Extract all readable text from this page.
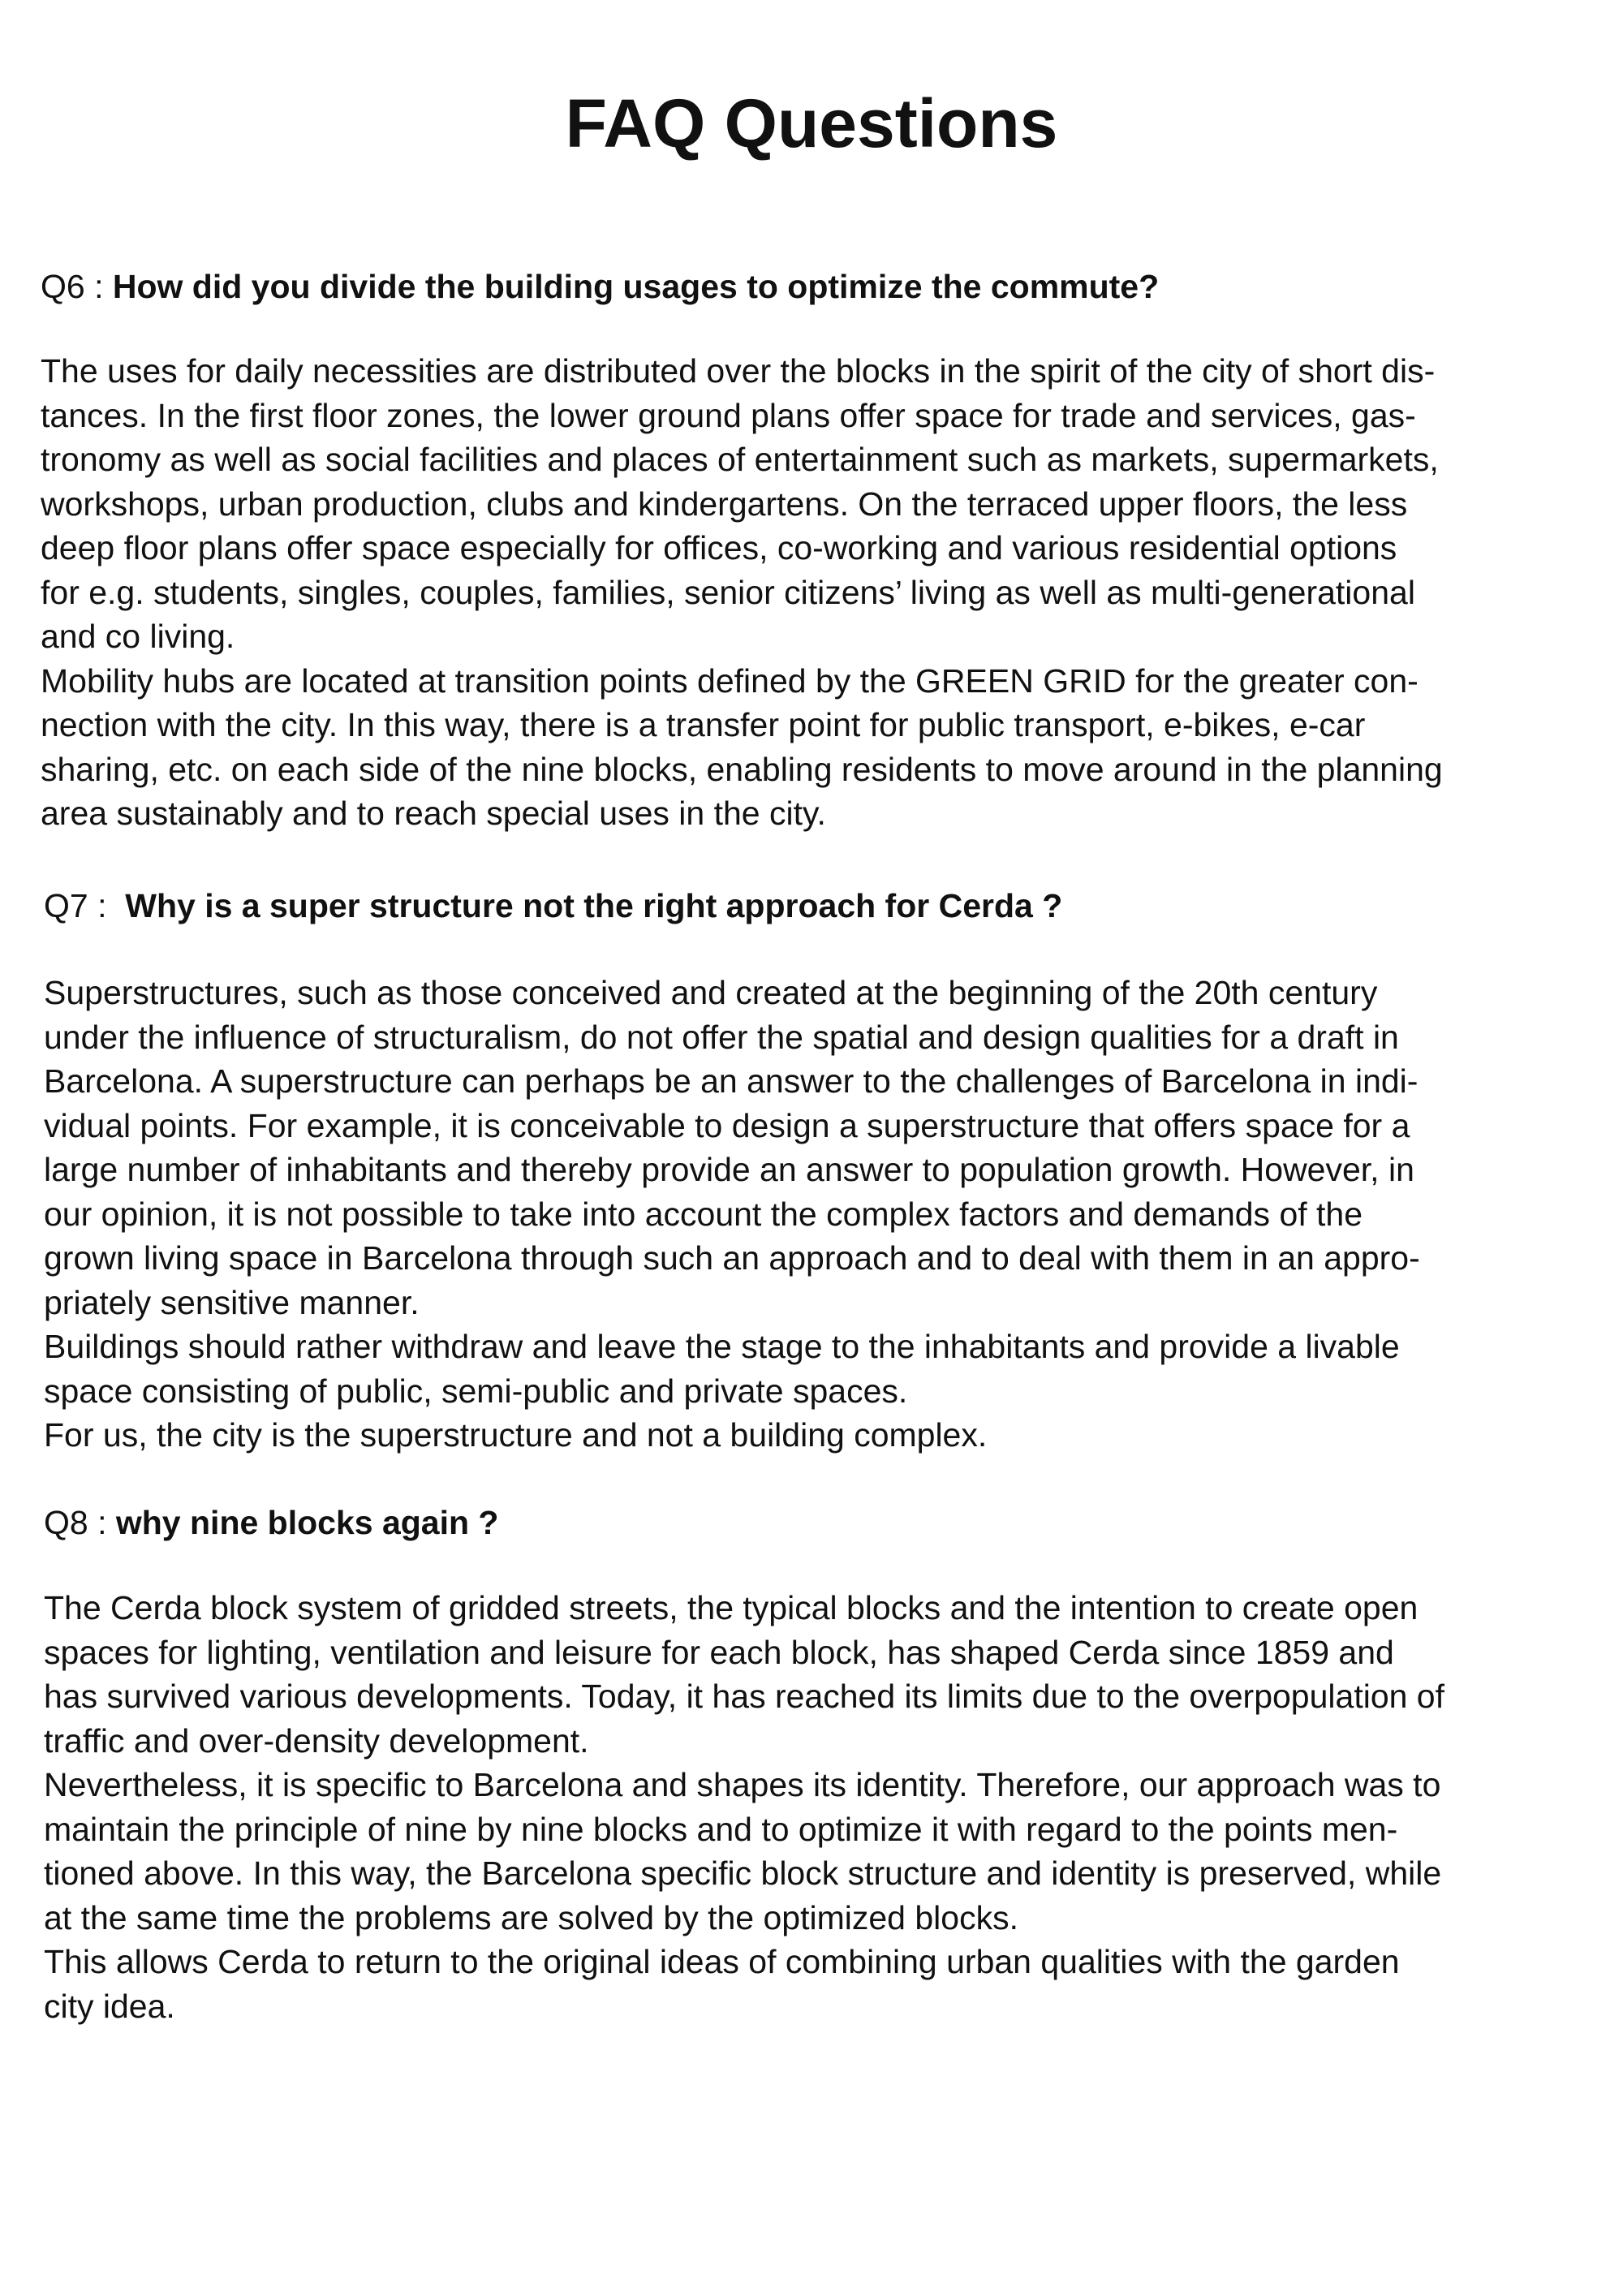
FAQ Questions
Q6 : How did you divide the building usages to optimize the commute?
The uses for daily necessities are distributed over the blocks in the spirit of the city of short dis-
tances. In the first floor zones, the lower ground plans offer space for trade and services, gas-
tronomy as well as social facilities and places of entertainment such as markets, supermarkets,
workshops, urban production, clubs and kindergartens. On the terraced upper floors, the less
deep floor plans offer space especially for offices, co-working and various residential options
for e.g. students, singles, couples, families, senior citizens’ living as well as multi-generational
and co living.
Mobility hubs are located at transition points defined by the GREEN GRID for the greater con-
nection with the city. In this way, there is a transfer point for public transport, e-bikes, e-car
sharing, etc. on each side of the nine blocks, enabling residents to move around in the planning
area sustainably and to reach special uses in the city.
Q7 :  Why is a super structure not the right approach for Cerda ?
Superstructures, such as those conceived and created at the beginning of the 20th century
under the influence of structuralism, do not offer the spatial and design qualities for a draft in
Barcelona. A superstructure can perhaps be an answer to the challenges of Barcelona in indi-
vidual points. For example, it is conceivable to design a superstructure that offers space for a
large number of inhabitants and thereby provide an answer to population growth. However, in
our opinion, it is not possible to take into account the complex factors and demands of the
grown living space in Barcelona through such an approach and to deal with them in an appro-
priately sensitive manner.
Buildings should rather withdraw and leave the stage to the inhabitants and provide a livable
space consisting of public, semi-public and private spaces.
For us, the city is the superstructure and not a building complex.
Q8 : why nine blocks again ?
The Cerda block system of gridded streets, the typical blocks and the intention to create open
spaces for lighting, ventilation and leisure for each block, has shaped Cerda since 1859 and
has survived various developments. Today, it has reached its limits due to the overpopulation of
traffic and over-density development.
Nevertheless, it is specific to Barcelona and shapes its identity. Therefore, our approach was to
maintain the principle of nine by nine blocks and to optimize it with regard to the points men-
tioned above. In this way, the Barcelona specific block structure and identity is preserved, while
at the same time the problems are solved by the optimized blocks.
This allows Cerda to return to the original ideas of combining urban qualities with the garden
city idea.
